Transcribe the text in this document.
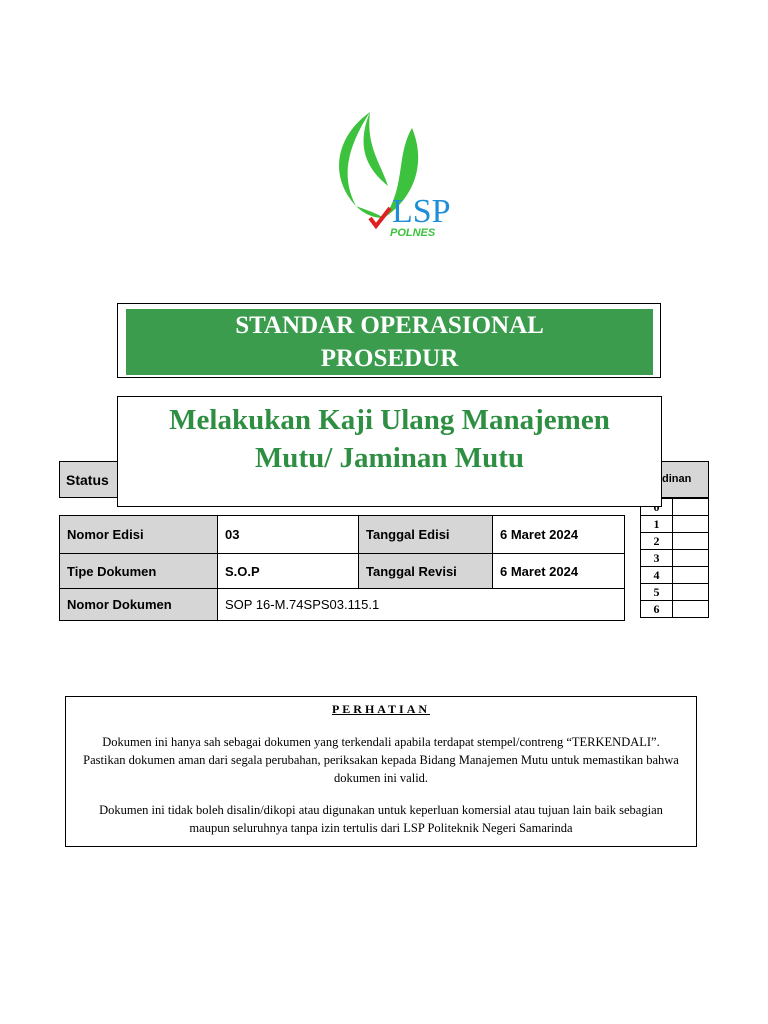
LSP
POLNES
STANDAR OPERASIONAL
PROSEDUR
Status	dinan
Melakukan Kaji Ulang Manajemen
Mutu/ Jaminan Mutu
Nomor Edisi	03	Tanggal Edisi	6 Maret 2024
Tipe Dokumen	S.O.P	Tanggal Revisi	6 Maret 2024
Nomor Dokumen	SOP 16-M.74SPS03.115.1		

1	
2	
3	
4	
5	
6	
PERHATIAN
Dokumen ini hanya sah sebagai dokumen yang terkendali apabila terdapat stempel/contreng “TERKENDALI”. Pastikan dokumen aman dari segala perubahan, periksakan kepada Bidang Manajemen Mutu untuk memastikan bahwa dokumen ini valid.
Dokumen ini tidak boleh disalin/dikopi atau digunakan untuk keperluan komersial atau tujuan lain baik sebagian maupun seluruhnya tanpa izin tertulis dari LSP Politeknik Negeri Samarinda
